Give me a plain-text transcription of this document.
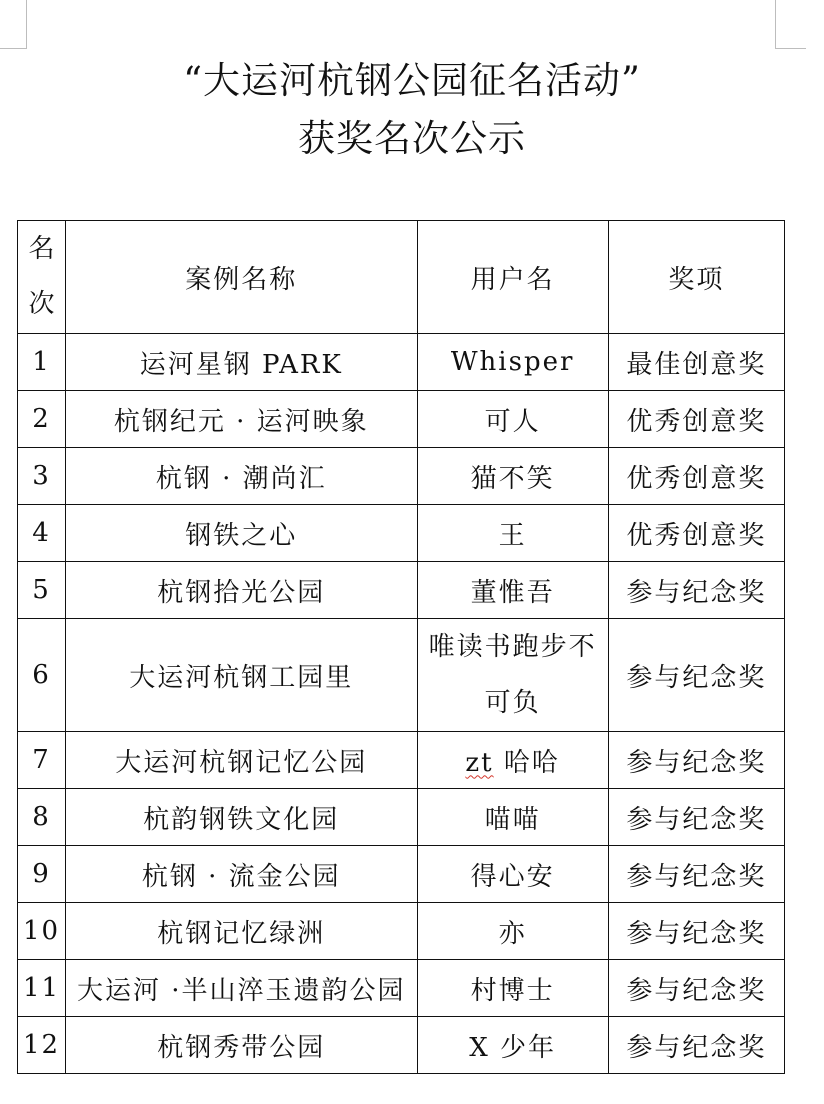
“大运河杭钢公园征名活动”
获奖名次公示
名次	案例名称	用户名	奖项
1	运河星钢 PARK	Whisper	最佳创意奖
2	杭钢纪元 · 运河映象	可人	优秀创意奖
3	杭钢 · 潮尚汇	猫不笑	优秀创意奖
4	钢铁之心	王	优秀创意奖
5	杭钢拾光公园	董惟吾	参与纪念奖
6	大运河杭钢工园里	唯读书跑步不可负	参与纪念奖
7	大运河杭钢记忆公园	zt 哈哈	参与纪念奖
8	杭韵钢铁文化园	喵喵	参与纪念奖
9	杭钢 · 流金公园	得心安	参与纪念奖
10	杭钢记忆绿洲	亦	参与纪念奖
11	大运河 ·半山淬玉遗韵公园	村博士	参与纪念奖
12	杭钢秀带公园	X 少年	参与纪念奖
